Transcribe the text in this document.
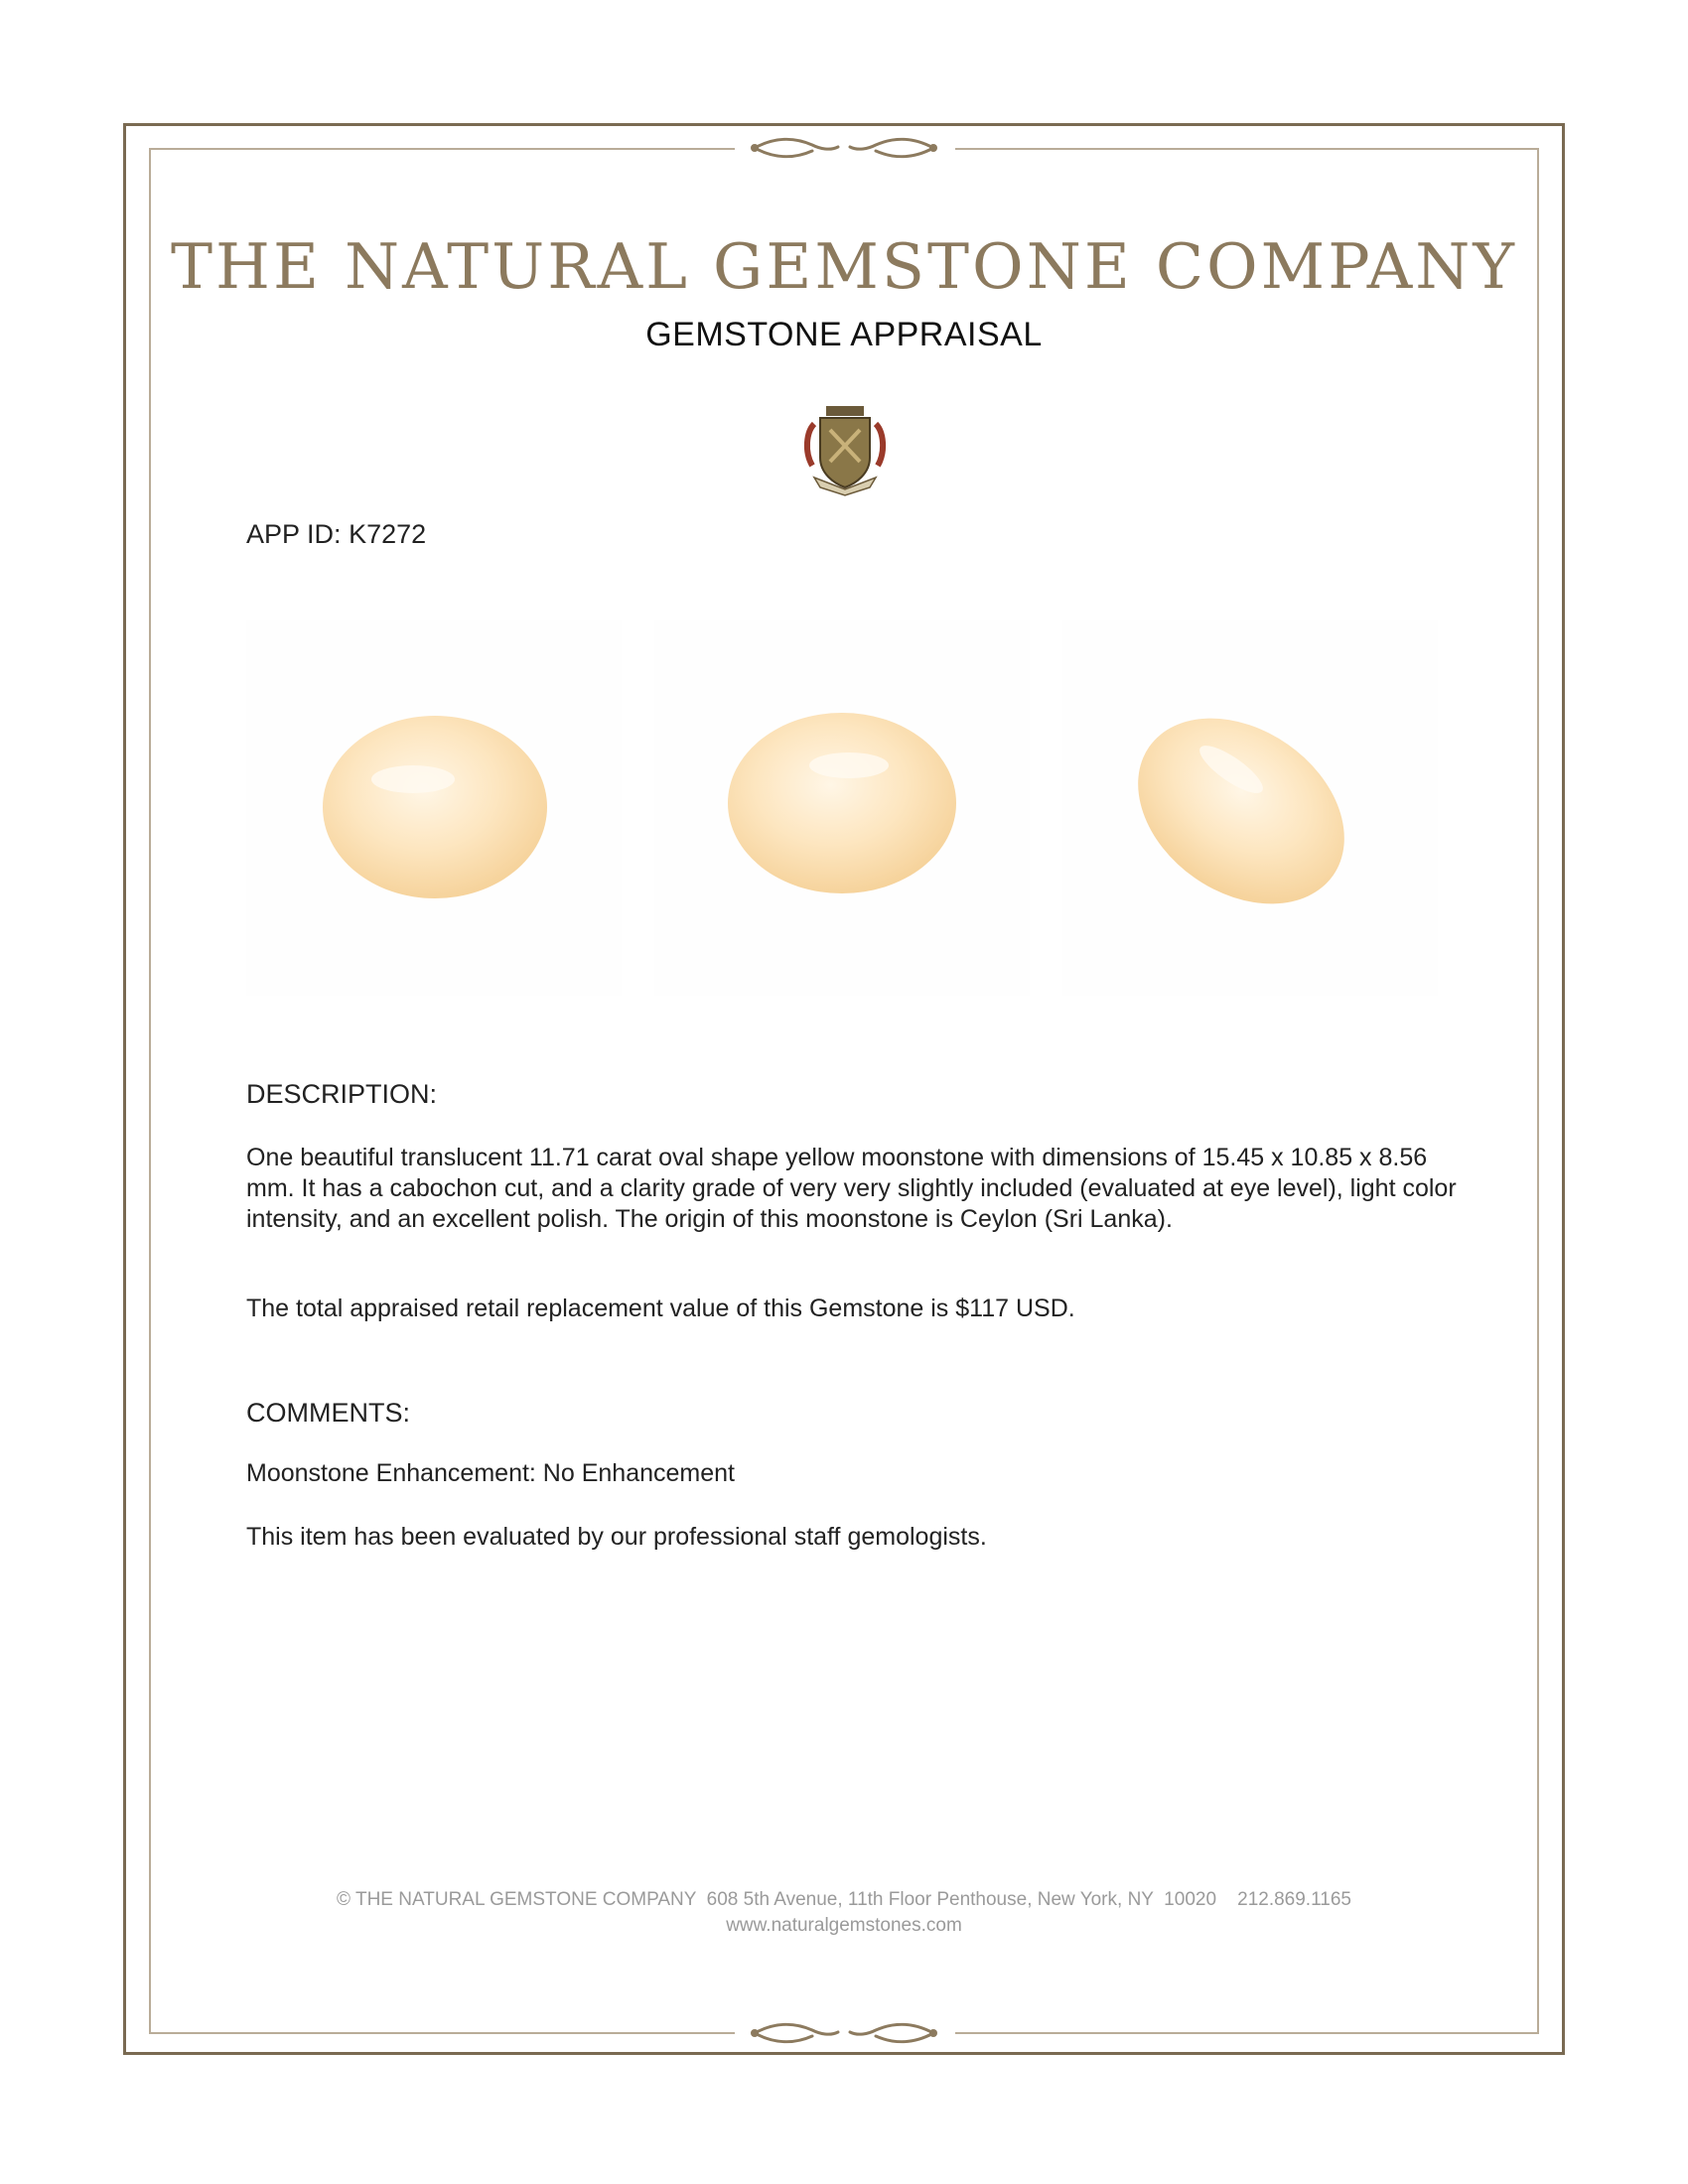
THE NATURAL GEMSTONE COMPANY
GEMSTONE APPRAISAL
APP ID: K7272
DESCRIPTION:

One beautiful translucent 11.71 carat oval shape yellow moonstone with dimensions of 15.45 x 10.85 x 8.56 mm. It has a cabochon cut, and a clarity grade of very very slightly included (evaluated at eye level), light color intensity, and an excellent polish. The origin of this moonstone is Ceylon (Sri Lanka).

The total appraised retail replacement value of this Gemstone is $117 USD.

COMMENTS:

Moonstone Enhancement: No Enhancement

This item has been evaluated by our professional staff gemologists.

© THE NATURAL GEMSTONE COMPANY  608 5th Avenue, 11th Floor Penthouse, New York, NY  10020    212.869.1165
www.naturalgemstones.com
